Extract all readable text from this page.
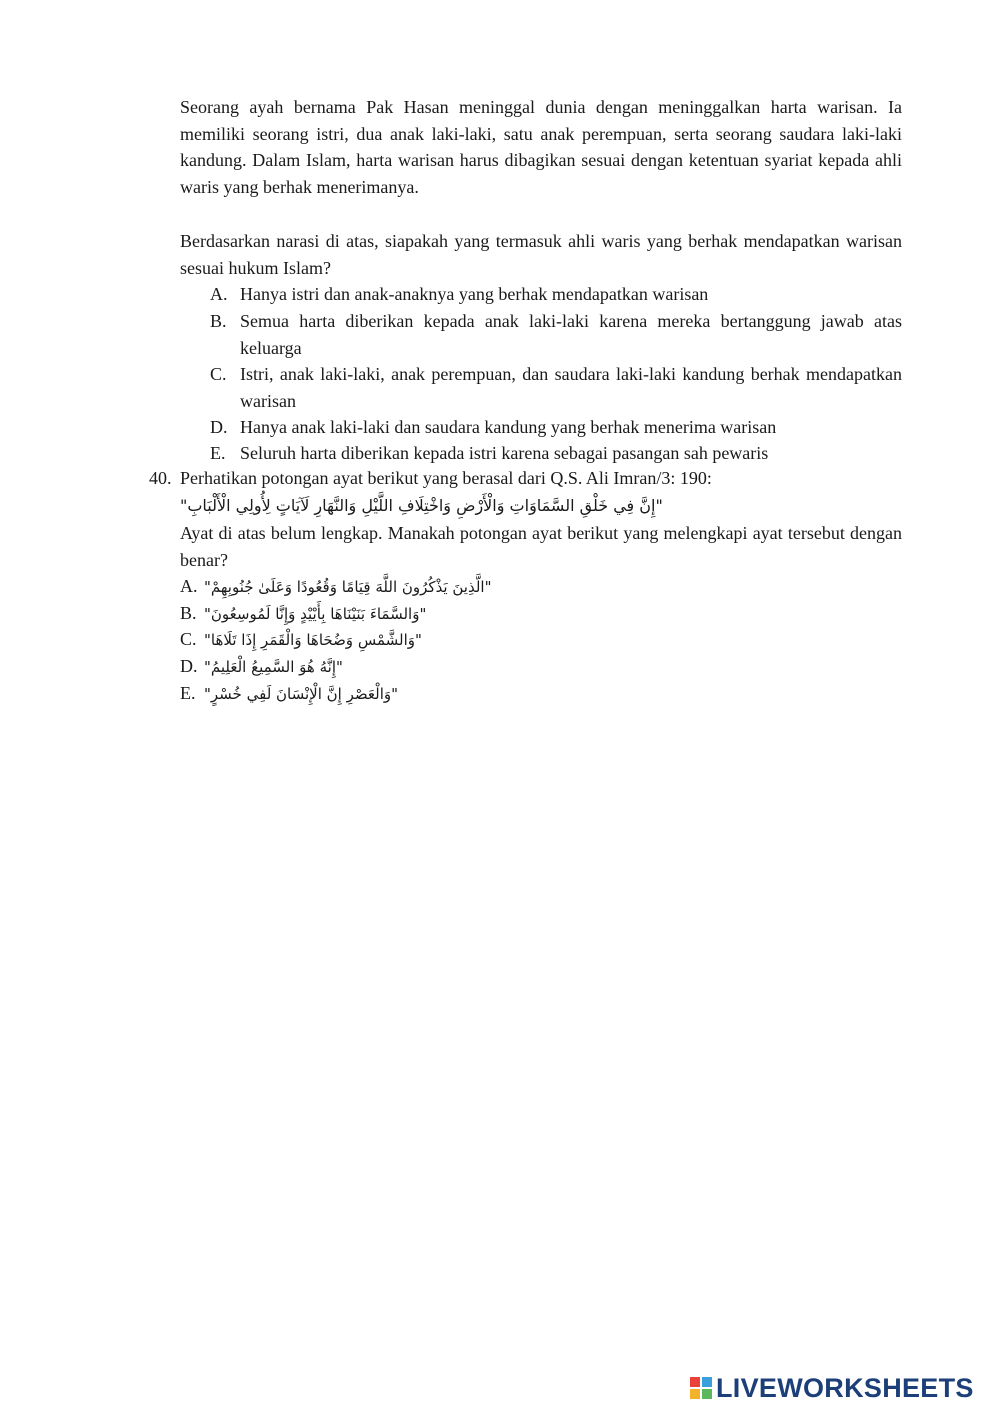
Seorang ayah bernama Pak Hasan meninggal dunia dengan meninggalkan harta warisan. Ia memiliki seorang istri, dua anak laki-laki, satu anak perempuan, serta seorang saudara laki-laki kandung. Dalam Islam, harta warisan harus dibagikan sesuai dengan ketentuan syariat kepada ahli waris yang berhak menerimanya.

Berdasarkan narasi di atas, siapakah yang termasuk ahli waris yang berhak mendapatkan warisan sesuai hukum Islam?

A. Hanya istri dan anak-anaknya yang berhak mendapatkan warisan
B. Semua harta diberikan kepada anak laki-laki karena mereka bertanggung jawab atas keluarga
C. Istri, anak laki-laki, anak perempuan, dan saudara laki-laki kandung berhak mendapatkan warisan
D. Hanya anak laki-laki dan saudara kandung yang berhak menerima warisan
E. Seluruh harta diberikan kepada istri karena sebagai pasangan sah pewaris
40. Perhatikan potongan ayat berikut yang berasal dari Q.S. Ali Imran/3: 190:
"إِنَّ فِي خَلْقِ السَّمَاوَاتِ وَالْأَرْضِ وَاخْتِلَافِ اللَّيْلِ وَالنَّهَارِ لَآيَاتٍ لِأُولِي الْأَلْبَابِ"

Ayat di atas belum lengkap. Manakah potongan ayat berikut yang melengkapi ayat tersebut dengan benar?

A. "الَّذِينَ يَذْكُرُونَ اللَّهَ قِيَامًا وَقُعُودًا وَعَلَىٰ جُنُوبِهِمْ"
B. "وَالسَّمَاءَ بَنَيْنَاهَا بِأَيْيْدٍ وَإِنَّا لَمُوسِعُونَ"
C. "وَالشَّمْسِ وَضُحَاهَا وَالْقَمَرِ إِذَا تَلَاهَا"
D. "إِنَّهُ هُوَ السَّمِيعُ الْعَلِيمُ"
E. "وَالْعَصْرِ إِنَّ الْإِنْسَانَ لَفِي خُسْرٍ"
LIVEWORKSHEETS
